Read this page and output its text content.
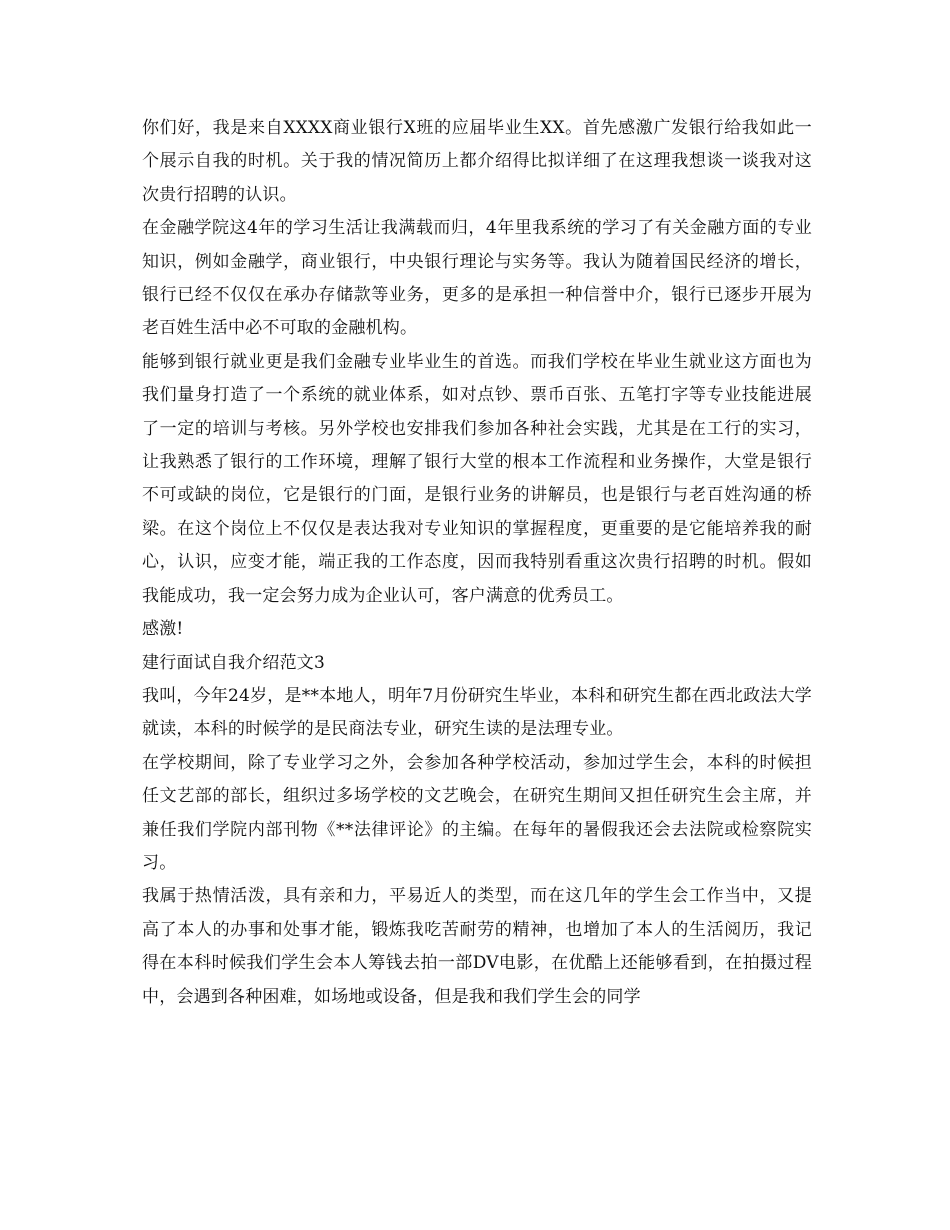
你们好，我是来自XXXX商业银行X班的应届毕业生XX。首先感激广发银行给我如此一个展示自我的时机。关于我的情况简历上都介绍得比拟详细了在这理我想谈一谈我对这次贵行招聘的认识。

在金融学院这4年的学习生活让我满载而归，4年里我系统的学习了有关金融方面的专业知识，例如金融学，商业银行，中央银行理论与实务等。我认为随着国民经济的增长，银行已经不仅仅在承办存储款等业务，更多的是承担一种信誉中介，银行已逐步开展为老百姓生活中必不可取的金融机构。

能够到银行就业更是我们金融专业毕业生的首选。而我们学校在毕业生就业这方面也为我们量身打造了一个系统的就业体系，如对点钞、票币百张、五笔打字等专业技能进展了一定的培训与考核。另外学校也安排我们参加各种社会实践，尤其是在工行的实习，让我熟悉了银行的工作环境，理解了银行大堂的根本工作流程和业务操作，大堂是银行不可或缺的岗位，它是银行的门面，是银行业务的讲解员，也是银行与老百姓沟通的桥梁。在这个岗位上不仅仅是表达我对专业知识的掌握程度，更重要的是它能培养我的耐心，认识，应变才能，端正我的工作态度，因而我特别看重这次贵行招聘的时机。假如我能成功，我一定会努力成为企业认可，客户满意的优秀员工。

感激!

建行面试自我介绍范文3

我叫，今年24岁，是**本地人，明年7月份研究生毕业，本科和研究生都在西北政法大学就读，本科的时候学的是民商法专业，研究生读的是法理专业。

在学校期间，除了专业学习之外，会参加各种学校活动，参加过学生会，本科的时候担任文艺部的部长，组织过多场学校的文艺晚会，在研究生期间又担任研究生会主席，并兼任我们学院内部刊物《**法律评论》的主编。在每年的暑假我还会去法院或检察院实习。

我属于热情活泼，具有亲和力，平易近人的类型，而在这几年的学生会工作当中，又提高了本人的办事和处事才能，锻炼我吃苦耐劳的精神，也增加了本人的生活阅历，我记得在本科时候我们学生会本人筹钱去拍一部DV电影，在优酷上还能够看到，在拍摄过程中，会遇到各种困难，如场地或设备，但是我和我们学生会的同学
